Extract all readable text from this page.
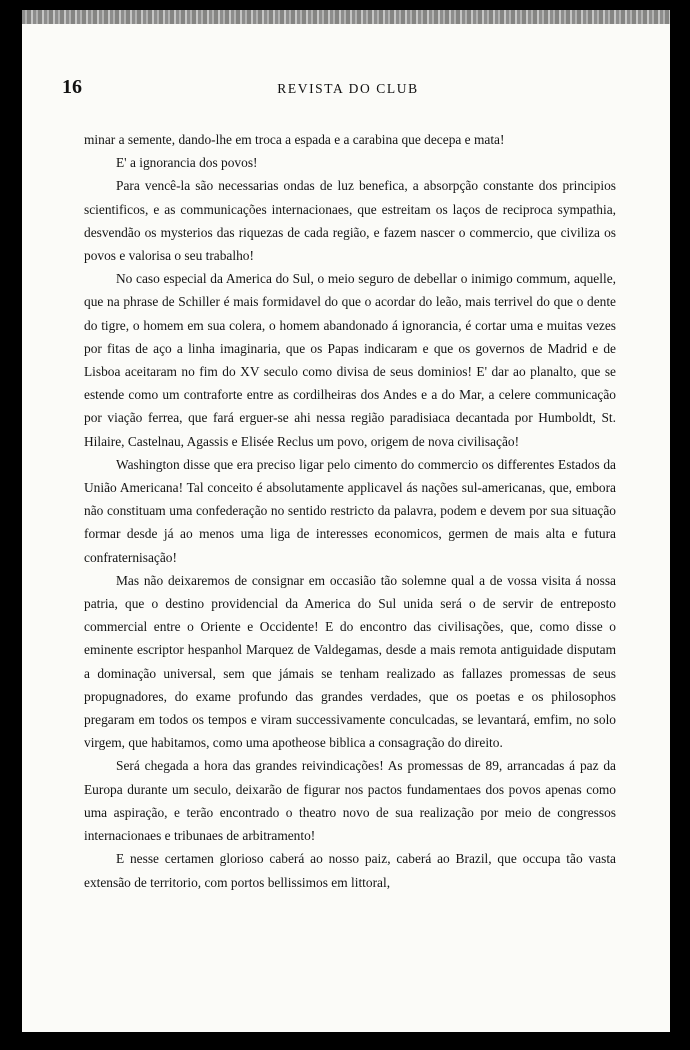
16	REVISTA DO CLUB

minar a semente, dando-lhe em troca a espada e a carabina que decepa e mata!

E' a ignorancia dos povos!

Para vencê-la são necessarias ondas de luz benefica, a absorpção constante dos principios scientificos, e as communicações internacionaes, que estreitam os laços de reciproca sympathia, desvendão os mysterios das riquezas de cada região, e fazem nascer o commercio, que civiliza os povos e valorisa o seu trabalho!

No caso especial da America do Sul, o meio seguro de debellar o inimigo commum, aquelle, que na phrase de Schiller é mais formidavel do que o acordar do leão, mais terrivel do que o dente do tigre, o homem em sua colera, o homem abandonado á ignorancia, é cortar uma e muitas vezes por fitas de aço a linha imaginaria, que os Papas indicaram e que os governos de Madrid e de Lisboa aceitaram no fim do XV seculo como divisa de seus dominios! E' dar ao planalto, que se estende como um contraforte entre as cordilheiras dos Andes e a do Mar, a celere communicação por viação ferrea, que fará erguer-se ahi nessa região paradisiaca decantada por Humboldt, St. Hilaire, Castelnau, Agassis e Elisée Reclus um povo, origem de nova civilisação!

Washington disse que era preciso ligar pelo cimento do commercio os differentes Estados da União Americana! Tal conceito é absolutamente applicavel ás nações sul-americanas, que, embora não constituam uma confederação no sentido restricto da palavra, podem e devem por sua situação formar desde já ao menos uma liga de interesses economicos, germen de mais alta e futura confraternisação!

Mas não deixaremos de consignar em occasião tão solemne qual a de vossa visita á nossa patria, que o destino providencial da America do Sul unida será o de servir de entreposto commercial entre o Oriente e Occidente! E do encontro das civilisações, que, como disse o eminente escriptor hespanhol Marquez de Valdegamas, desde a mais remota antiguidade disputam a dominação universal, sem que jámais se tenham realizado as fallazes promessas de seus propugnadores, do exame profundo das grandes verdades, que os poetas e os philosophos pregaram em todos os tempos e viram successivamente conculcadas, se levantará, emfim, no solo virgem, que habitamos, como uma apotheose biblica a consagração do direito.

Será chegada a hora das grandes reivindicações! As promessas de 89, arrancadas á paz da Europa durante um seculo, deixarão de figurar nos pactos fundamentaes dos povos apenas como uma aspiração, e terão encontrado o theatro novo de sua realização por meio de congressos internacionaes e tribunaes de arbitramento!

E nesse certamen glorioso caberá ao nosso paiz, caberá ao Brazil, que occupa tão vasta extensão de territorio, com portos bellissimos em littoral,
